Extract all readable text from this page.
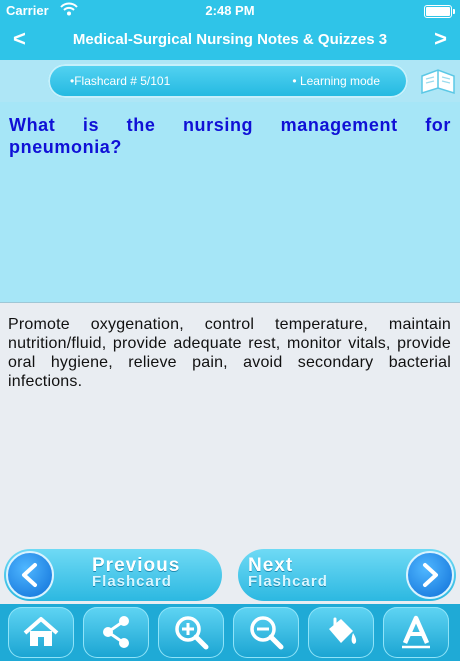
Carrier	2:48 PM
<	Medical-Surgical Nursing Notes & Quizzes 3	>
•Flashcard # 5/101	• Learning mode
What is the nursing management for pneumonia?
Promote oxygenation, control temperature, maintain nutrition/fluid, provide adequate rest, monitor vitals, provide oral hygiene, relieve pain, avoid secondary bacterial infections.
Previous
Flashcard
Next
Flashcard
